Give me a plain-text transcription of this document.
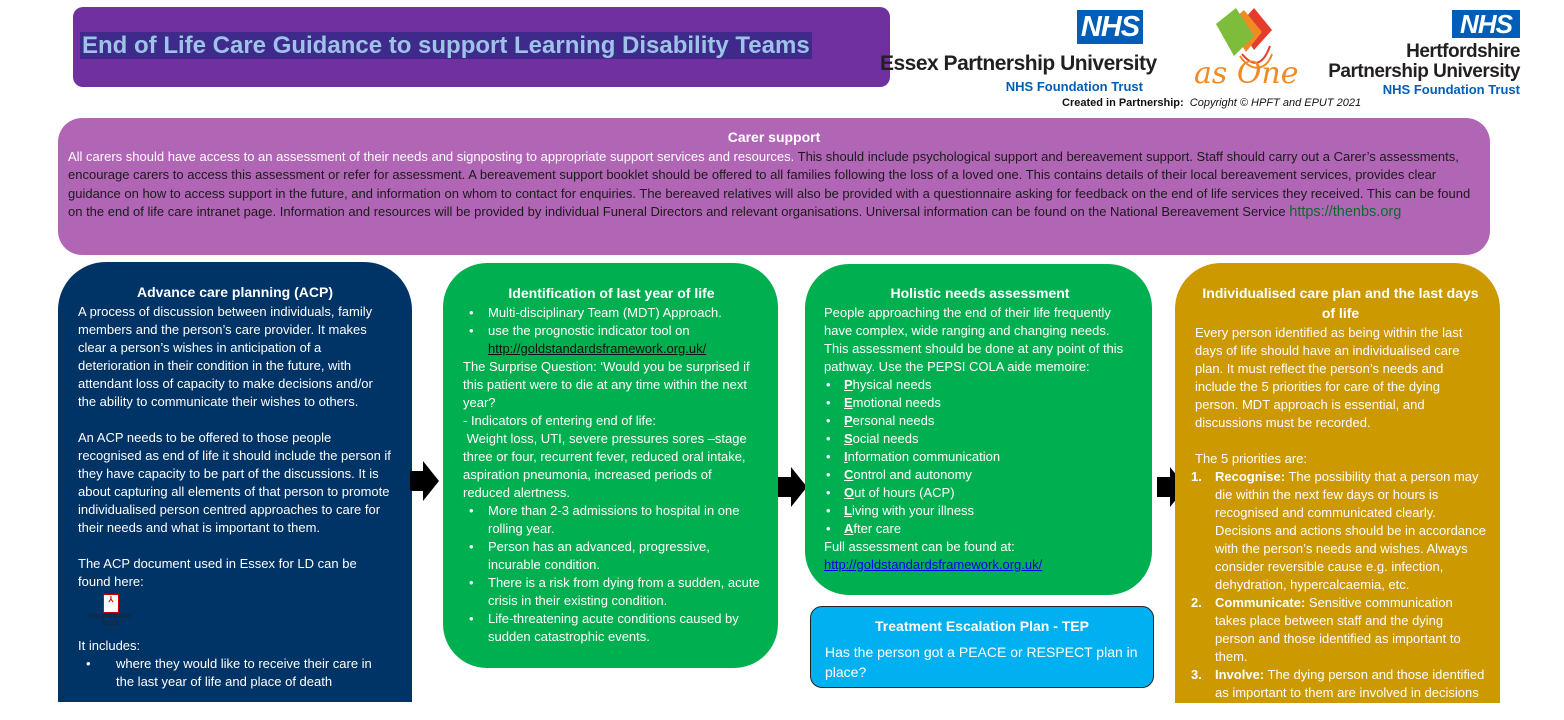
End of Life Care Guidance to support Learning Disability Teams
NHS
Essex Partnership University
NHS Foundation Trust as One
NHS
Hertfordshire
Partnership University
NHS Foundation Trust
Created in Partnership: Copyright © HPFT and EPUT 2021
Carer support

All carers should have access to an assessment of their needs and signposting to appropriate support services and resources. This should include psychological support and bereavement support. Staff should carry out a Carer’s assessments, encourage carers to access this assessment or refer for assessment. A bereavement support booklet should be offered to all families following the loss of a loved one. This contains details of their local bereavement services, provides clear guidance on how to access support in the future, and information on whom to contact for enquiries. The bereaved relatives will also be provided with a questionnaire asking for feedback on the end of life services they received. This can be found on the end of life care intranet page. Information and resources will be provided by individual Funeral Directors and relevant organisations. Universal information can be found on the National Bereavement Service https://thenbs.org

Advance care planning (ACP)

A process of discussion between individuals, family members and the person’s care provider. It makes clear a person’s wishes in anticipation of a deterioration in their condition in the future, with attendant loss of capacity to make decisions and/or the ability to communicate their wishes to others.

An ACP needs to be offered to those people recognised as end of life it should include the person if they have capacity to be part of the discussions. It is about capturing all elements of that person to promote individualised person centred approaches to care for their needs and what is important to them.

The ACP document used in Essex for LD can be found here:

⅄
End of Life Plan V8.pdf

It includes:

• where they would like to receive their care in the last year of life and place of death
Identification of last year of life
• Multi-disciplinary Team (MDT) Approach.
• use the prognostic indicator tool on
http://goldstandardsframework.org.uk/

The Surprise Question: ‘Would you be surprised if this patient were to die at any time within the next year?

- Indicators of entering end of life:

Weight loss, UTI, severe pressures sores –stage three or four, recurrent fever, reduced oral intake, aspiration pneumonia, increased periods of reduced alertness.

• More than 2-3 admissions to hospital in one rolling year.
• Person has an advanced, progressive, incurable condition.
• There is a risk from dying from a sudden, acute crisis in their existing condition.
• Life-threatening acute conditions caused by sudden catastrophic events.
Holistic needs assessment

People approaching the end of their life frequently have complex, wide ranging and changing needs. This assessment should be done at any point of this pathway. Use the PEPSI COLA aide memoire:

• Physical needs
• Emotional needs
• Personal needs
• Social needs
• Information communication
• Control and autonomy
• Out of hours (ACP)
• Living with your illness
• After care

Full assessment can be found at:

http://goldstandardsframework.org.uk/
Treatment Escalation Plan - TEP

Has the person got a PEACE or RESPECT plan in place?

Individualised care plan and the last days of life

Every person identified as being within the last days of life should have an individualised care plan. It must reflect the person’s needs and include the 5 priorities for care of the dying person. MDT approach is essential, and discussions must be recorded.

The 5 priorities are:

1. Recognise: The possibility that a person may die within the next few days or hours is recognised and communicated clearly. Decisions and actions should be in accordance with the person’s needs and wishes. Always consider reversible cause e.g. infection, dehydration, hypercalcaemia, etc.
2. Communicate: Sensitive communication takes place between staff and the dying person and those identified as important to them.
3. Involve: The dying person and those identified as important to them are involved in decisions around treatment and care to the extent that
